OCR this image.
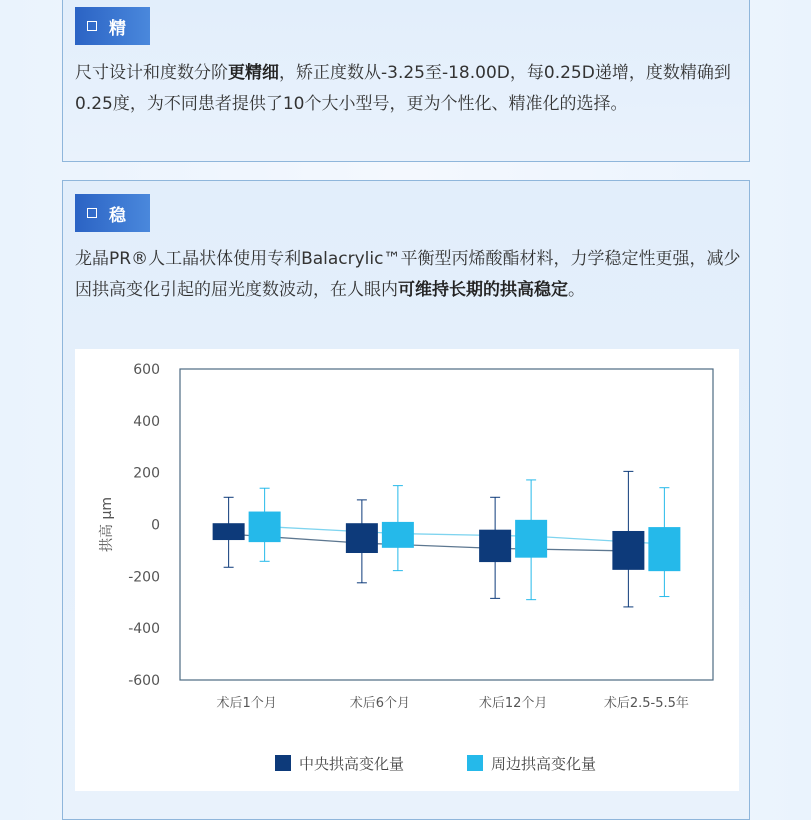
精

尺寸设计和度数分阶更精细，矫正度数从-3.25至-18.00D，每0.25D递增，度数精确到0.25度，为不同患者提供了10个大小型号，更为个性化、精准化的选择。

稳

龙晶PR®人工晶状体使用专利Balacrylic™平衡型丙烯酸酯材料，力学稳定性更强，减少因拱高变化引起的屈光度数波动，在人眼内可维持长期的拱高稳定。

600
400
200
0
-200
-400
-600
拱高 μm
术后1个月	术后6个月	术后12个月	术后2.5-5.5年
中央拱高变化量	周边拱高变化量
